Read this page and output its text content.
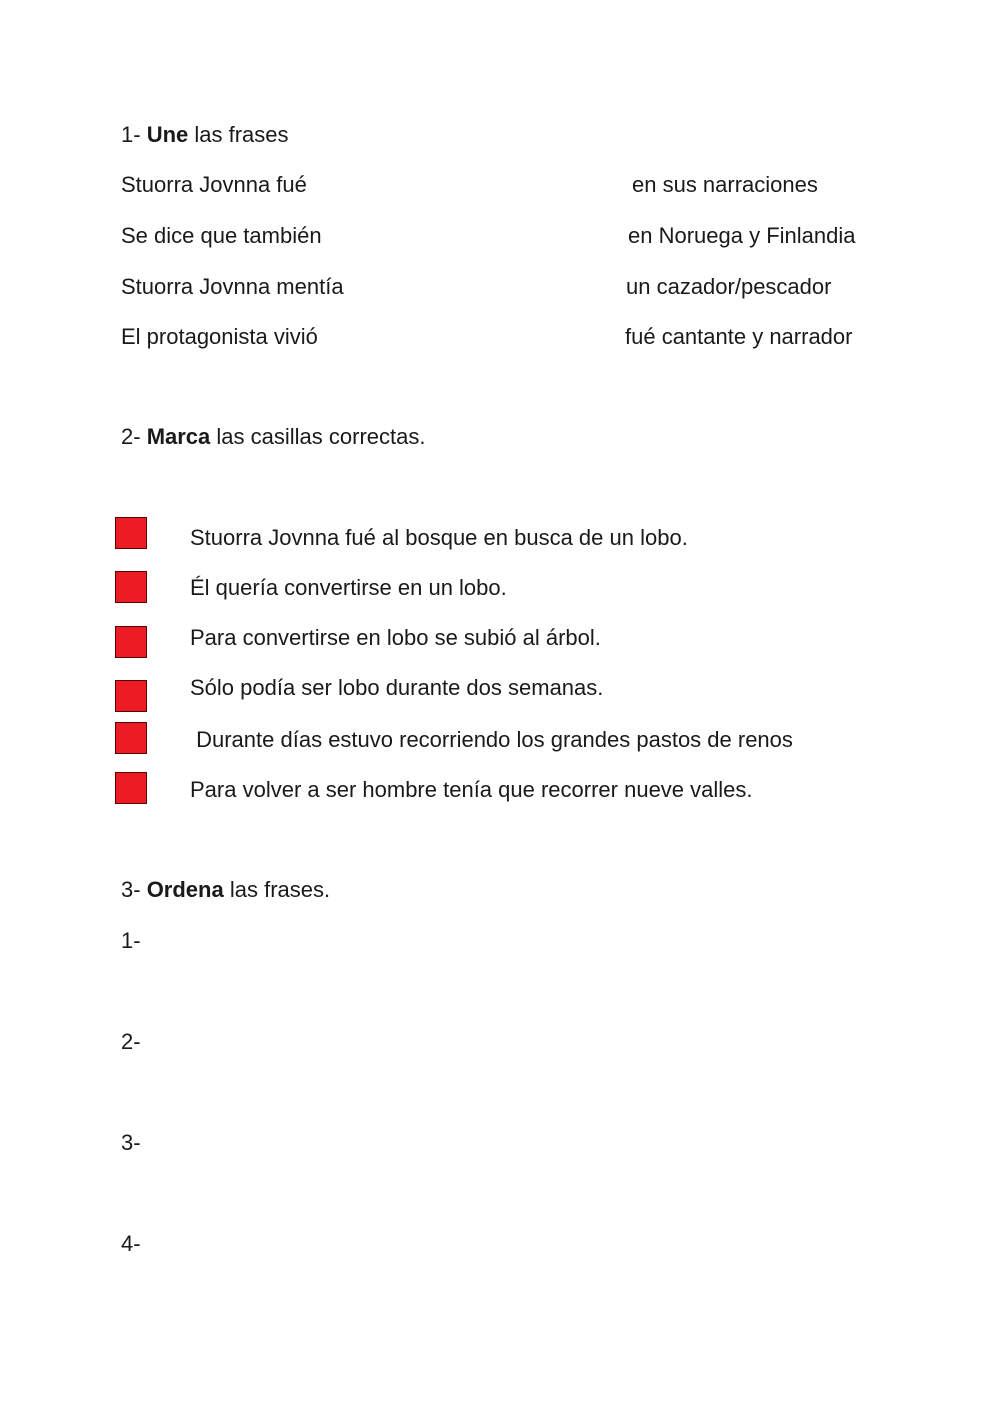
1- Une las frases
Stuorra Jovnna fué
Se dice que también
Stuorra Jovnna mentía
El protagonista vivió
en sus narraciones
en Noruega y Finlandia
un cazador/pescador
fué cantante y narrador
2- Marca las casillas correctas.
Stuorra Jovnna fué al bosque en busca de un lobo.
Él quería convertirse en un lobo.
Para convertirse en lobo se subió al árbol.
Sólo podía ser lobo durante dos semanas.
Durante días estuvo recorriendo los grandes pastos de renos
Para volver a ser hombre tenía que recorrer nueve valles.
3- Ordena las frases.
1-
2-
3-
4-
